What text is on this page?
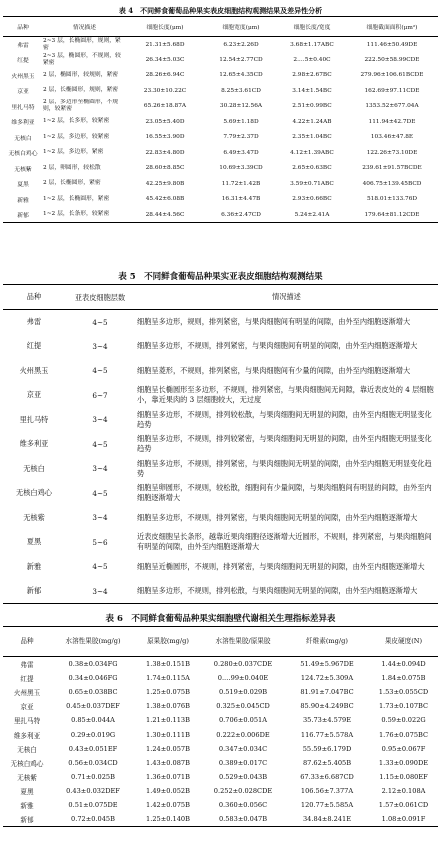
表 4　不同鲜食葡萄品种果实表皮细胞结构观测结果及差异性分析
品种	情况描述	细胞长度(μm)	细胞宽度(μm)	细胞长度/宽度	细胞截面面积(μm²)
弗雷	2~3 层，长椭圆形，规则，紧密	21.31±5.68D	6.23±2.26D	3.68±1.17ABC	111.46±50.49DE
红提	2~3 层，椭圆形，不规则，较紧密	26.34±5.03C	12.54±2.77CD	2.…5±0.40C	222.50±58.99CDE
火州黑玉	2 层，椭圆形，较规则，紧密	28.26±6.94C	12.65±4.35CD	2.98±2.67BC	279.96±106.61BCDE
京亚	2 层，长椭圆形，规则，紧密	23.30±10.22C	8.25±3.61CD	3.14±1.54BC	162.69±97.11CDE
里扎马特	2 层，多边形至椭圆形，不规则，较紧密	65.26±18.87A	30.28±12.56A	2.51±0.99BC	1353.52±677.04A
维多利亚	1~2 层，长多形，较紧密	23.05±5.40D	5.69±1.18D	4.22±1.24AB	111.94±42.7DE
无核白	1~2 层，多边形，较紧密	16.55±3.90D	7.79±2.37D	2.35±1.04BC	103.46±47.8E
无核白鸡心	1~2 层，多边形，紧密	22.83±4.80D	6.49±3.47D	4.12±1.39ABC	122.26±73.10DE
无核紫	2 层，卵圆形，较松散	28.60±8.85C	10.69±3.39CD	2.65±0.63BC	239.61±91.57BCDE
夏黑	2 层，长椭圆形，紧密	42.25±9.80B	11.72±1.42B	3.59±0.71ABC	406.75±139.45BCD
新雅	1~2 层，长椭圆形，紧密	45.42±6.08B	16.31±4.47B	2.93±0.66BC	518.01±133.76D
新郁	1~2 层，长条形，较紧密	28.44±4.56C	6.36±2.47CD	5.24±2.41A	179.64±81.12CDE
表 5　不同鲜食葡萄品种果实亚表皮细胞结构观测结果
品种	亚表皮细胞层数	情况描述
弗雷	4~5	细胞呈多边形，规则，排列紧密，与果肉细胞间有明显的间隙，由外至内细胞逐渐增大
红提	3~4	细胞呈多边形，不规则，排列紧密，与果肉细胞间有明显的间隙，由外至内细胞逐渐增大
火州黑玉	4~5	细胞呈菱形，不规则，排列紧密，与果肉细胞间有少量的间隙，由外至内细胞逐渐增大
京亚	6~7	细胞呈长椭圆形至多边形，不规则，排列紧密，与果肉细胞间无间隙，靠近表皮处的 4 层细胞小，靠近果肉的 3 层细胞较大，无过度
里扎马特	3~4	细胞呈多边形，不规则，排列较松散，与果肉细胞间无明显的间隙，由外至内细胞无明显变化趋势
维多利亚	4~5	细胞呈多边形，不规则，排列较紧密，与果肉细胞间无明显的间隙，由外至内细胞无明显变化趋势
无核白	3~4	细胞呈多边形，不规则，排列紧密，与果肉细胞间无明显的间隙，由外至内细胞无明显变化趋势
无核白鸡心	4~5	细胞呈卵圆形，不规则，较松散，细胞间有少量间隙，与果肉细胞间有明显的间隙，由外至内细胞逐渐增大
无核紫	3~4	细胞呈多边形，不规则，排列紧密，与果肉细胞间无明显的间隙，由外至内细胞逐渐增大
夏黑	5~6	近表皮细胞呈长条形，越靠近果肉细胞径逐渐增大近圆形，不规则，排列紧密，与果肉细胞间有明显的间隙，由外至内细胞逐渐增大
新雅	4~5	细胞呈近椭圆形，不规则，排列紧密，与果肉细胞间无明显的间隙，由外至内细胞逐渐增大
新郁	3~4	细胞呈多边形，不规则，排列松散，与果肉细胞间无明显的间隙，由外至内细胞逐渐增大
表 6　不同鲜食葡萄品种果实细胞壁代谢相关生理指标差异表
品种	水溶性果胶(mg/g)	原果胶(mg/g)	水溶性果胶/原果胶	纤维素(mg/g)	果皮硬度(N)
弗雷	0.38±0.034FG	1.38±0.151B	0.280±0.037CDE	51.49±5.967DE	1.44±0.094D
红提	0.34±0.046FG	1.74±0.115A	0.…99±0.040E	124.72±5.309A	1.84±0.075B
火州黑玉	0.65±0.038BC	1.25±0.075B	0.519±0.029B	81.91±7.047BC	1.53±0.055CD
京亚	0.45±0.037DEF	1.38±0.076B	0.325±0.045CD	85.90±4.249BC	1.73±0.107BC
里扎马特	0.85±0.044A	1.21±0.113B	0.706±0.051A	35.73±4.579E	0.59±0.022G
维多利亚	0.29±0.019G	1.30±0.111B	0.222±0.006DE	116.77±5.578A	1.76±0.075BC
无核白	0.43±0.051EF	1.24±0.057B	0.347±0.034C	55.59±6.179D	0.95±0.067F
无核白鸡心	0.56±0.034CD	1.43±0.087B	0.389±0.017C	87.62±5.405B	1.33±0.090DE
无核紫	0.71±0.025B	1.36±0.071B	0.529±0.043B	67.33±6.687CD	1.15±0.080EF
夏黑	0.43±0.032DEF	1.49±0.052B	0.252±0.028CDE	106.56±7.377A	2.12±0.108A
新雅	0.51±0.075DE	1.42±0.075B	0.360±0.056C	120.77±5.585A	1.57±0.061CD
新郁	0.72±0.045B	1.25±0.140B	0.583±0.047B	34.84±8.241E	1.08±0.091F
